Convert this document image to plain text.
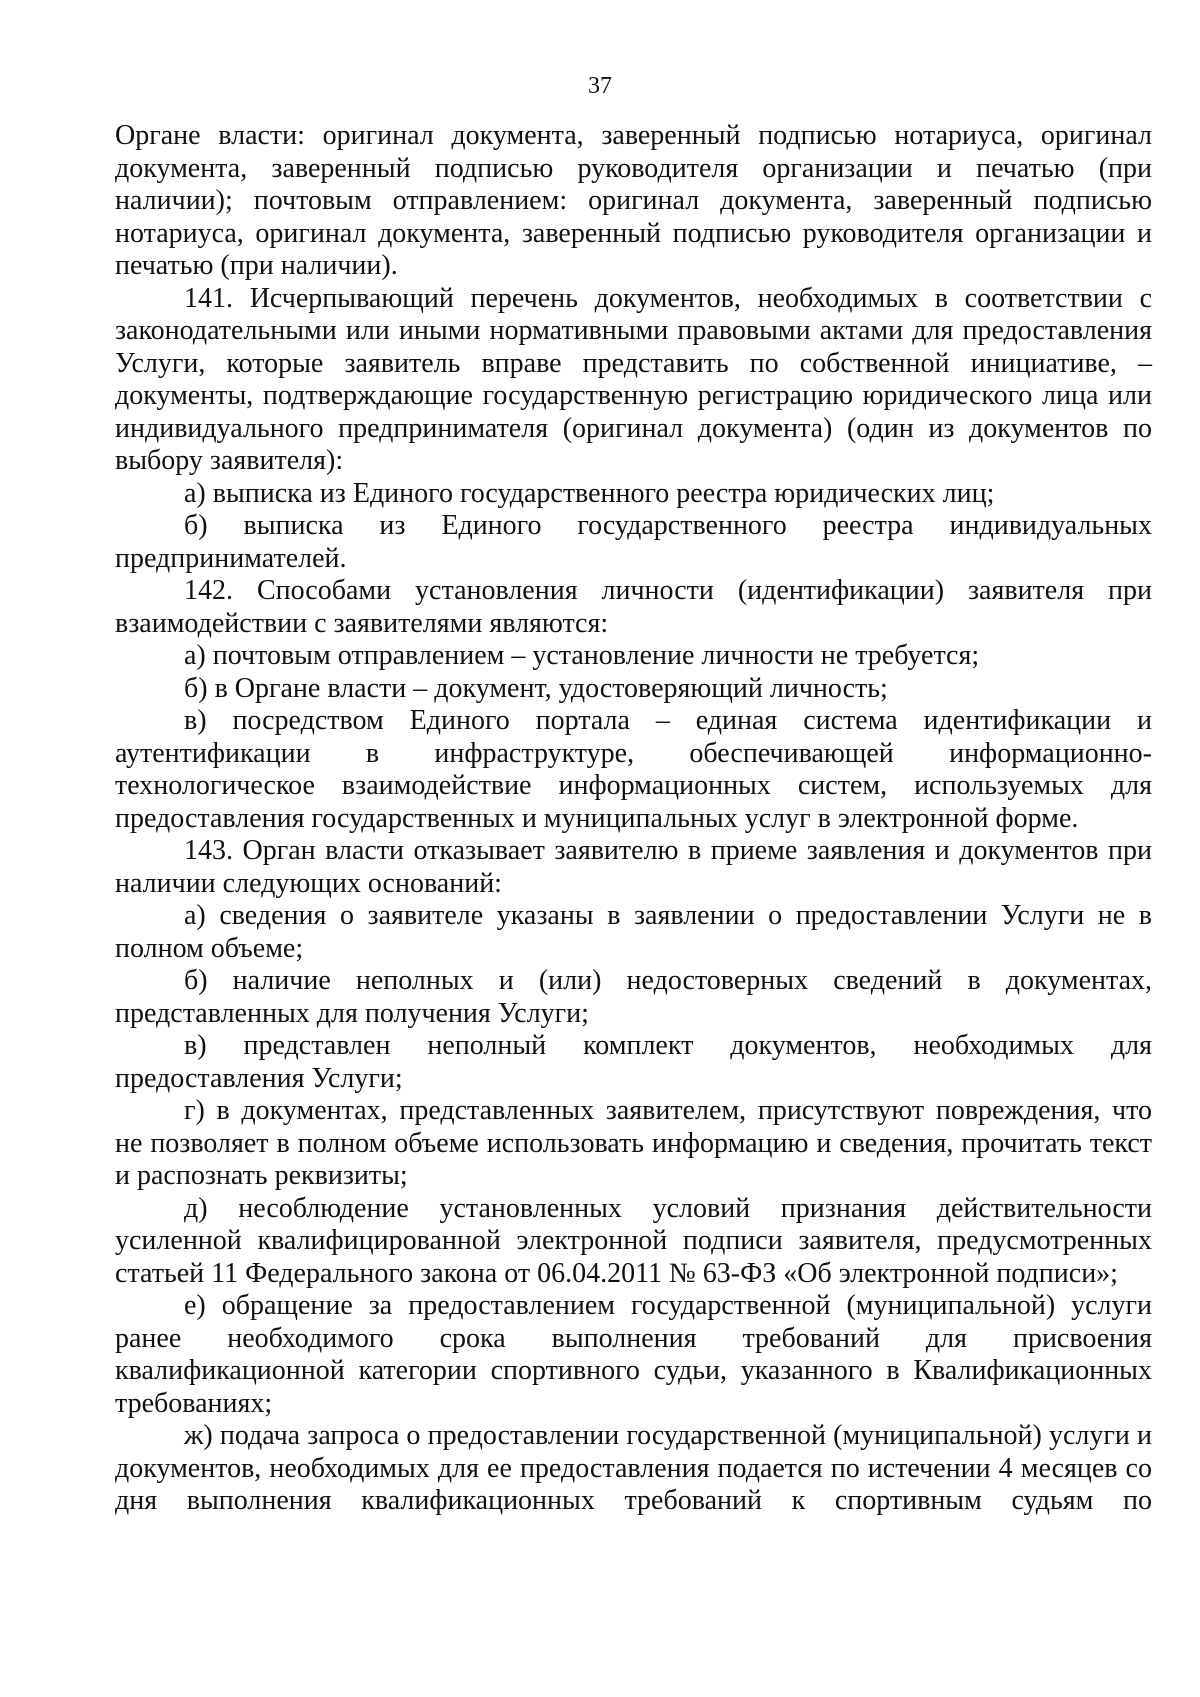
37

Органе власти: оригинал документа, заверенный подписью нотариуса, оригинал документа, заверенный подписью руководителя организации и печатью (при наличии); почтовым отправлением: оригинал документа, заверенный подписью нотариуса, оригинал документа, заверенный подписью руководителя организации и печатью (при наличии).

141. Исчерпывающий перечень документов, необходимых в соответствии с законодательными или иными нормативными правовыми актами для предоставления Услуги, которые заявитель вправе представить по собственной инициативе, – документы, подтверждающие государственную регистрацию юридического лица или индивидуального предпринимателя (оригинал документа) (один из документов по выбору заявителя):

а) выписка из Единого государственного реестра юридических лиц;

б) выписка из Единого государственного реестра индивидуальных предпринимателей.

142. Способами установления личности (идентификации) заявителя при взаимодействии с заявителями являются:

а) почтовым отправлением – установление личности не требуется;

б) в Органе власти – документ, удостоверяющий личность;

в) посредством Единого портала – единая система идентификации и аутентификации в инфраструктуре, обеспечивающей информационно-технологическое взаимодействие информационных систем, используемых для предоставления государственных и муниципальных услуг в электронной форме.

143. Орган власти отказывает заявителю в приеме заявления и документов при наличии следующих оснований:

а) сведения о заявителе указаны в заявлении о предоставлении Услуги не в полном объеме;

б) наличие неполных и (или) недостоверных сведений в документах, представленных для получения Услуги;

в) представлен неполный комплект документов, необходимых для предоставления Услуги;

г) в документах, представленных заявителем, присутствуют повреждения, что не позволяет в полном объеме использовать информацию и сведения, прочитать текст и распознать реквизиты;

д) несоблюдение установленных условий признания действительности усиленной квалифицированной электронной подписи заявителя, предусмотренных статьей 11 Федерального закона от 06.04.2011 № 63-ФЗ «Об электронной подписи»;

е) обращение за предоставлением государственной (муниципальной) услуги ранее необходимого срока выполнения требований для присвоения квалификационной категории спортивного судьи, указанного в Квалификационных требованиях;

ж) подача запроса о предоставлении государственной (муниципальной) услуги и документов, необходимых для ее предоставления подается по истечении 4 месяцев со дня выполнения квалификационных требований к спортивным судьям по
